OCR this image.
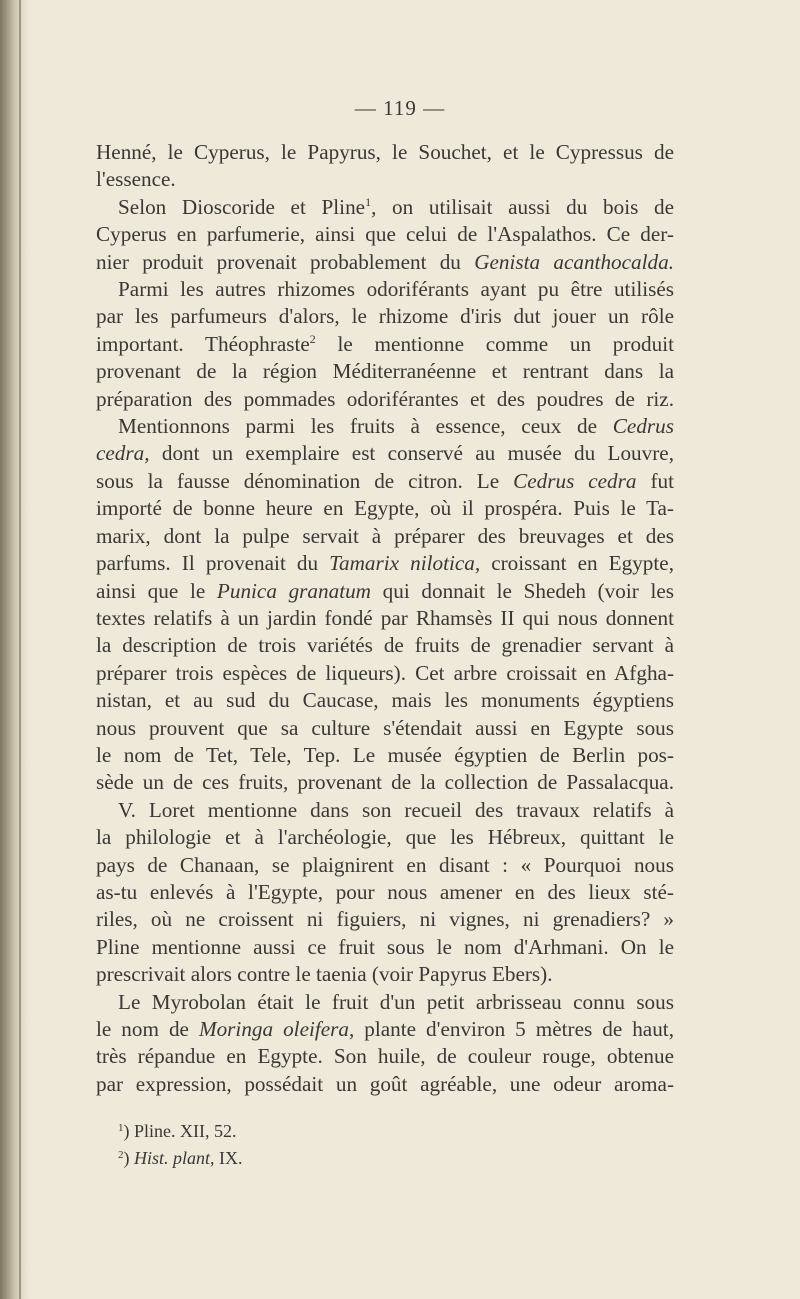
— 119 —
Henné, le Cyperus, le Papyrus, le Souchet, et le Cypressus de
l'essence.
Selon Dioscoride et Pline$^1$, on utilisait aussi du bois de
Cyperus en parfumerie, ainsi que celui de l'Aspalathos. Ce der-
nier produit provenait probablement du Genista acanthocalda.
Parmi les autres rhizomes odoriférants ayant pu être utilisés
par les parfumeurs d'alors, le rhizome d'iris dut jouer un rôle
important. Théophraste$^2$ le mentionne comme un produit
provenant de la région Méditerranéenne et rentrant dans la
préparation des pommades odoriférantes et des poudres de riz.
Mentionnons parmi les fruits à essence, ceux de Cedrus
cedra, dont un exemplaire est conservé au musée du Louvre,
sous la fausse dénomination de citron. Le Cedrus cedra fut
importé de bonne heure en Egypte, où il prospéra. Puis le Ta-
marix, dont la pulpe servait à préparer des breuvages et des
parfums. Il provenait du Tamarix nilotica, croissant en Egypte,
ainsi que le Punica granatum qui donnait le Shedeh (voir les
textes relatifs à un jardin fondé par Rhamsès II qui nous donnent
la description de trois variétés de fruits de grenadier servant à
préparer trois espèces de liqueurs). Cet arbre croissait en Afgha-
nistan, et au sud du Caucase, mais les monuments égyptiens
nous prouvent que sa culture s'étendait aussi en Egypte sous
le nom de Tet, Tele, Tep. Le musée égyptien de Berlin pos-
sède un de ces fruits, provenant de la collection de Passalacqua.
V. Loret mentionne dans son recueil des travaux relatifs à
la philologie et à l'archéologie, que les Hébreux, quittant le
pays de Chanaan, se plaignirent en disant : « Pourquoi nous
as-tu enlevés à l'Egypte, pour nous amener en des lieux sté-
riles, où ne croissent ni figuiers, ni vignes, ni grenadiers? »
Pline mentionne aussi ce fruit sous le nom d'Arhmani. On le
prescrivait alors contre le taenia (voir Papyrus Ebers).
Le Myrobolan était le fruit d'un petit arbrisseau connu sous
le nom de Moringa oleifera, plante d'environ 5 mètres de haut,
très répandue en Egypte. Son huile, de couleur rouge, obtenue
par expression, possédait un goût agréable, une odeur aroma-
$^1$) Pline. XII, 52.
$^2$) Hist. plant, IX.
